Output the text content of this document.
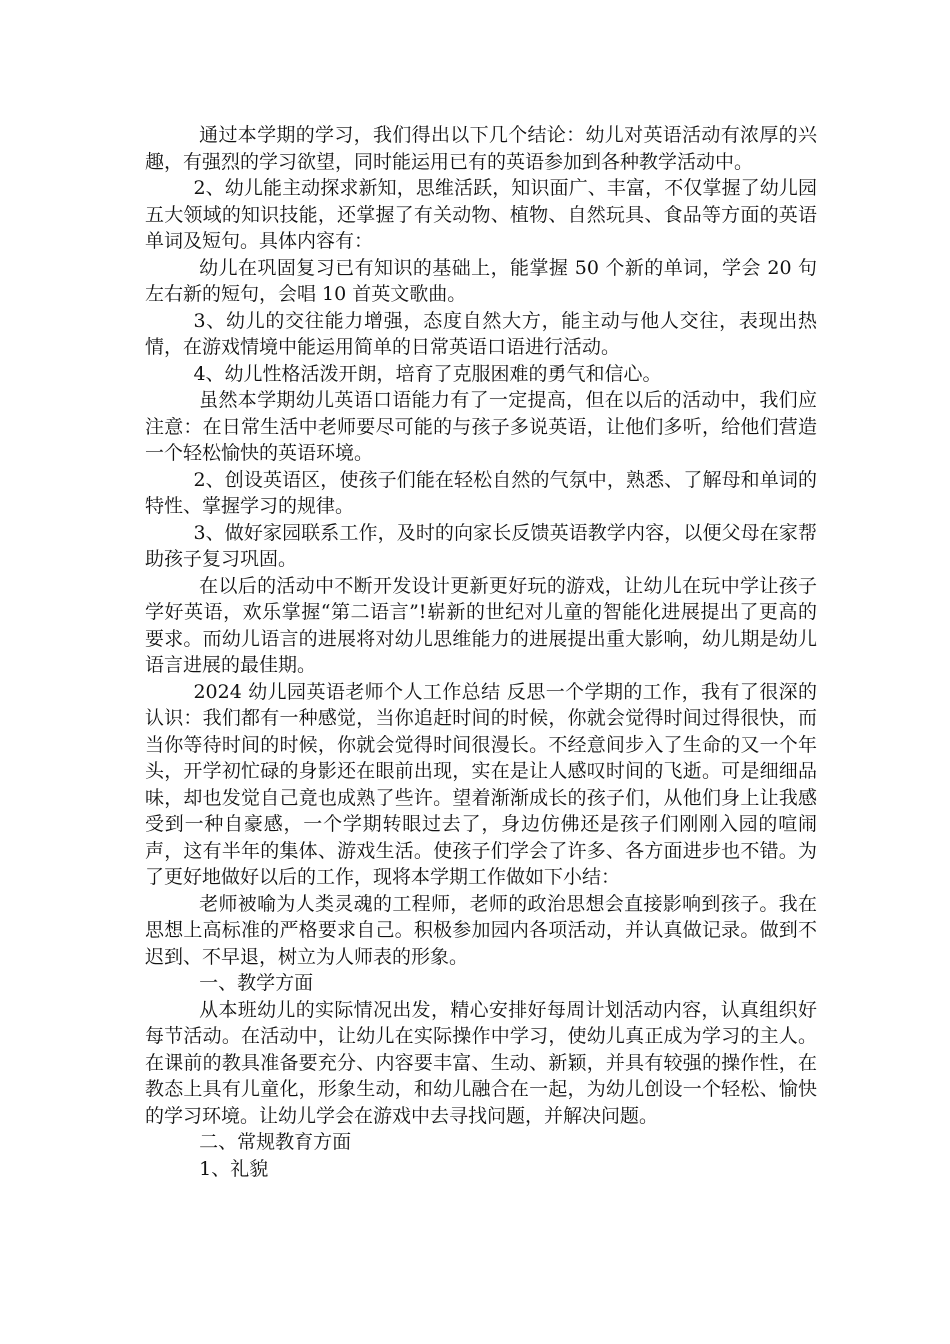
通过本学期的学习，我们得出以下几个结论：幼儿对英语活动有浓厚的兴趣，有强烈的学习欲望，同时能运用已有的英语参加到各种教学活动中。

2、幼儿能主动探求新知，思维活跃，知识面广、丰富，不仅掌握了幼儿园五大领域的知识技能，还掌握了有关动物、植物、自然玩具、食品等方面的英语单词及短句。具体内容有：

幼儿在巩固复习已有知识的基础上，能掌握 50 个新的单词，学会 20 句左右新的短句，会唱 10 首英文歌曲。

3、幼儿的交往能力增强，态度自然大方，能主动与他人交往，表现出热情，在游戏情境中能运用简单的日常英语口语进行活动。

4、幼儿性格活泼开朗，培育了克服困难的勇气和信心。

虽然本学期幼儿英语口语能力有了一定提高，但在以后的活动中，我们应注意：在日常生活中老师要尽可能的与孩子多说英语，让他们多听，给他们营造一个轻松愉快的英语环境。

2、创设英语区，使孩子们能在轻松自然的气氛中，熟悉、了解母和单词的特性、掌握学习的规律。

3、做好家园联系工作，及时的向家长反馈英语教学内容，以便父母在家帮助孩子复习巩固。

在以后的活动中不断开发设计更新更好玩的游戏，让幼儿在玩中学让孩子学好英语，欢乐掌握“第二语言”!崭新的世纪对儿童的智能化进展提出了更高的要求。而幼儿语言的进展将对幼儿思维能力的进展提出重大影响，幼儿期是幼儿语言进展的最佳期。

2024 幼儿园英语老师个人工作总结 反思一个学期的工作，我有了很深的认识：我们都有一种感觉，当你追赶时间的时候，你就会觉得时间过得很快，而当你等待时间的时候，你就会觉得时间很漫长。不经意间步入了生命的又一个年头，开学初忙碌的身影还在眼前出现，实在是让人感叹时间的飞逝。可是细细品味，却也发觉自己竟也成熟了些许。望着渐渐成长的孩子们，从他们身上让我感受到一种自豪感，一个学期转眼过去了，身边仿佛还是孩子们刚刚入园的喧闹声，这有半年的集体、游戏生活。使孩子们学会了许多、各方面进步也不错。为了更好地做好以后的工作，现将本学期工作做如下小结：

老师被喻为人类灵魂的工程师，老师的政治思想会直接影响到孩子。我在思想上高标准的严格要求自己。积极参加园内各项活动，并认真做记录。做到不迟到、不早退，树立为人师表的形象。

一、教学方面

从本班幼儿的实际情况出发，精心安排好每周计划活动内容，认真组织好每节活动。在活动中，让幼儿在实际操作中学习，使幼儿真正成为学习的主人。在课前的教具准备要充分、内容要丰富、生动、新颖，并具有较强的操作性，在教态上具有儿童化，形象生动，和幼儿融合在一起，为幼儿创设一个轻松、愉快的学习环境。让幼儿学会在游戏中去寻找问题，并解决问题。

二、常规教育方面

1、礼貌
